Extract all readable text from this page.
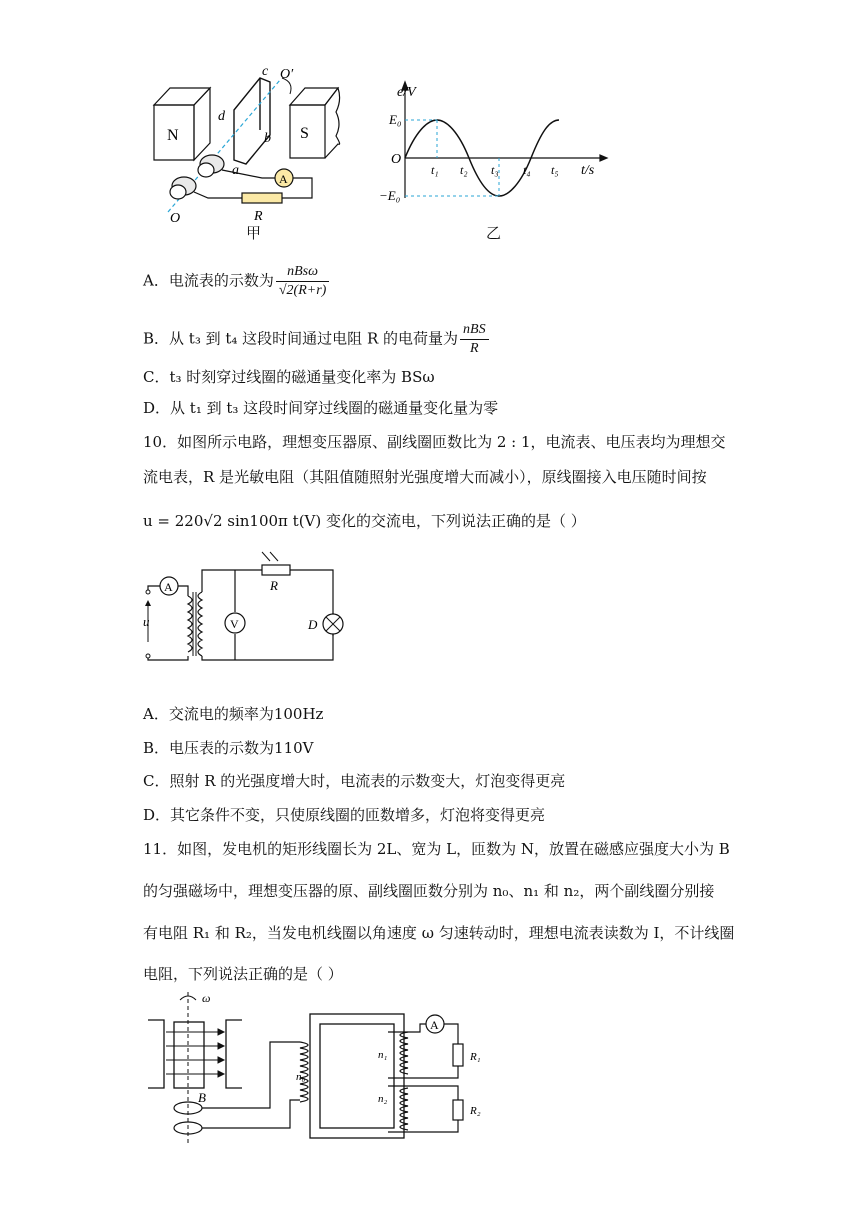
N	S
c O′
d
b
a
A
R
O
甲
e/V
t/s
E₀
−E₀
O
t₁ t₂ t₃ t₄ t₅
乙
A．电流表的示数为 $\frac{\text{nBsω}}{√2(R+r)}$
B．从 t₃ 到 t₄ 这段时间通过电阻 R 的电荷量为 $\frac{\text{nBS}}{R}$
C．t₃ 时刻穿过线圈的磁通量变化率为 BSω
D．从 t₁ 到 t₃ 这段时间穿过线圈的磁通量变化量为零
10．如图所示电路，理想变压器原、副线圈匝数比为 2 : 1，电流表、电压表均为理想交
流电表，R 是光敏电阻（其阻值随照射光强度增大而减小），原线圈接入电压随时间按
u = 220√2 sin100π t(V) 变化的交流电，下列说法正确的是（ ）
u
A
V
R
D
A．交流电的频率为100Hz
B．电压表的示数为110V
C．照射 R 的光强度增大时，电流表的示数变大，灯泡变得更亮
D．其它条件不变，只使原线圈的匝数增多，灯泡将变得更亮
11．如图，发电机的矩形线圈长为 2L、宽为 L，匝数为 N，放置在磁感应强度大小为 B
的匀强磁场中，理想变压器的原、副线圈匝数分别为 n₀、n₁ 和 n₂，两个副线圈分别接
有电阻 R₁ 和 R₂，当发电机线圈以角速度 ω 匀速转动时，理想电流表读数为 I，不计线圈
电阻，下列说法正确的是（ ）
ω
B
n₀
n₁
n₂
A
R₁
R₂
